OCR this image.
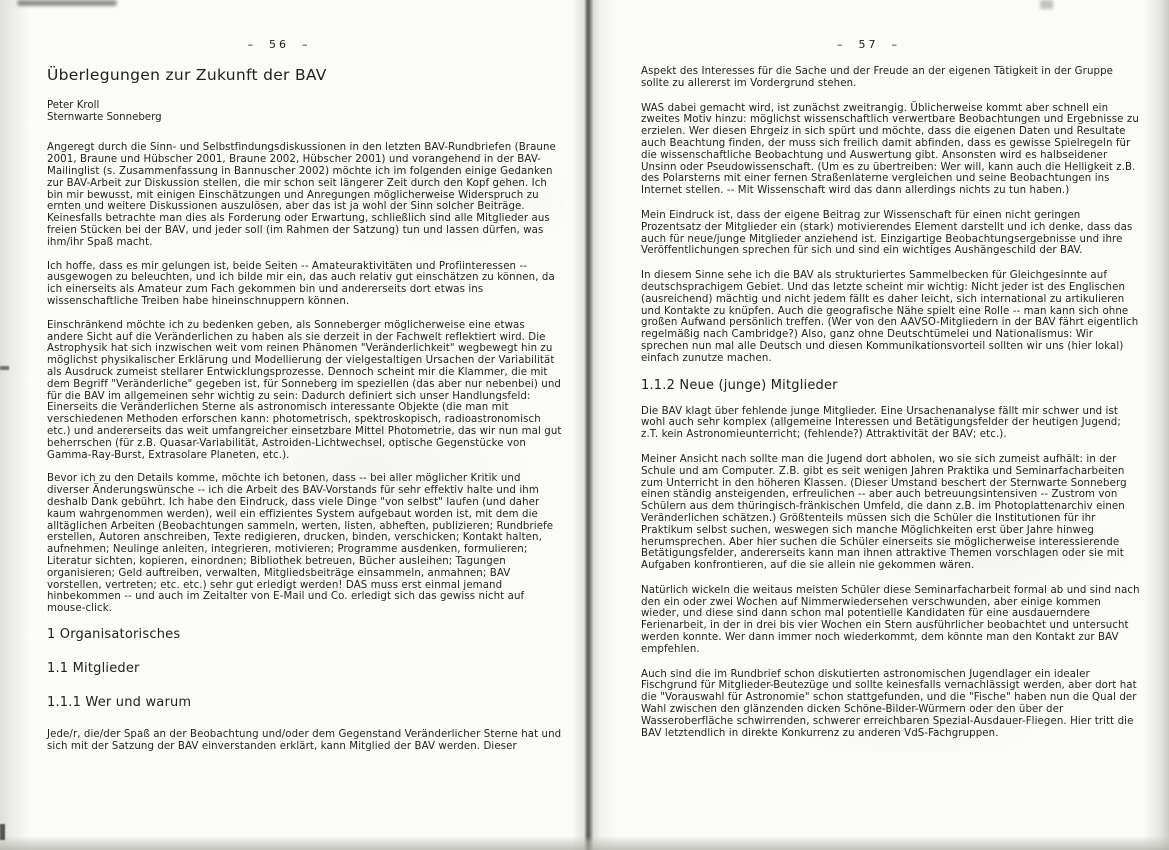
–  56  –
Überlegungen zur Zukunft der BAV
Peter Kroll
Sternwarte Sonneberg

Angeregt durch die Sinn- und Selbstfindungsdiskussionen in den letzten BAV-Rundbriefen (Braune 2001, Braune und Hübscher 2001, Braune 2002, Hübscher 2001) und vorangehend in der BAV-Mailinglist (s. Zusammenfassung in Bannuscher 2002) möchte ich im folgenden einige Gedanken zur BAV-Arbeit zur Diskussion stellen, die mir schon seit längerer Zeit durch den Kopf gehen. Ich bin mir bewusst, mit einigen Einschätzungen und Anregungen möglicherweise Widerspruch zu ernten und weitere Diskussionen auszulösen, aber das ist ja wohl der Sinn solcher Beiträge. Keinesfalls betrachte man dies als Forderung oder Erwartung, schließlich sind alle Mitglieder aus freien Stücken bei der BAV, und jeder soll (im Rahmen der Satzung) tun und lassen dürfen, was ihm/ihr Spaß macht.

Ich hoffe, dass es mir gelungen ist, beide Seiten -- Amateuraktivitäten und Profiinteressen -- ausgewogen zu beleuchten, und ich bilde mir ein, das auch relativ gut einschätzen zu können, da ich einerseits als Amateur zum Fach gekommen bin und andererseits dort etwas ins wissenschaftliche Treiben habe hineinschnuppern können.

Einschränkend möchte ich zu bedenken geben, als Sonneberger möglicherweise eine etwas andere Sicht auf die Veränderlichen zu haben als sie derzeit in der Fachwelt reflektiert wird. Die Astrophysik hat sich inzwischen weit vom reinen Phänomen "Veränderlichkeit" wegbewegt hin zu möglichst physikalischer Erklärung und Modellierung der vielgestaltigen Ursachen der Variabilität als Ausdruck zumeist stellarer Entwicklungsprozesse. Dennoch scheint mir die Klammer, die mit dem Begriff "Veränderliche" gegeben ist, für Sonneberg im speziellen (das aber nur nebenbei) und für die BAV im allgemeinen sehr wichtig zu sein: Dadurch definiert sich unser Handlungsfeld: Einerseits die Veränderlichen Sterne als astronomisch interessante Objekte (die man mit verschiedenen Methoden erforschen kann: photometrisch, spektroskopisch, radioastronomisch etc.) und andererseits das weit umfangreicher einsetzbare Mittel Photometrie, das wir nun mal gut beherrschen (für z.B. Quasar-Variabilität, Astroiden-Lichtwechsel, optische Gegenstücke von Gamma-Ray-Burst, Extrasolare Planeten, etc.).

Bevor ich zu den Details komme, möchte ich betonen, dass -- bei aller möglicher Kritik und diverser Änderungswünsche -- ich die Arbeit des BAV-Vorstands für sehr effektiv halte und ihm deshalb Dank gebührt. Ich habe den Eindruck, dass viele Dinge "von selbst" laufen (und daher kaum wahrgenommen werden), weil ein effizientes System aufgebaut worden ist, mit dem die alltäglichen Arbeiten (Beobachtungen sammeln, werten, listen, abheften, publizieren; Rundbriefe erstellen, Autoren anschreiben, Texte redigieren, drucken, binden, verschicken; Kontakt halten, aufnehmen; Neulinge anleiten, integrieren, motivieren; Programme ausdenken, formulieren; Literatur sichten, kopieren, einordnen; Bibliothek betreuen, Bücher ausleihen; Tagungen organisieren; Geld auftreiben, verwalten, Mitgliedsbeiträge einsammeln, anmahnen; BAV vorstellen, vertreten; etc. etc.) sehr gut erledigt werden! DAS muss erst einmal jemand hinbekommen -- und auch im Zeitalter von E-Mail und Co. erledigt sich das gewiss nicht auf mouse-click.

1 Organisatorisches
1.1 Mitglieder
1.1.1 Wer und warum

Jede/r, die/der Spaß an der Beobachtung und/oder dem Gegenstand Veränderlicher Sterne hat und sich mit der Satzung der BAV einverstanden erklärt, kann Mitglied der BAV werden. Dieser

–  57  –

Aspekt des Interesses für die Sache und der Freude an der eigenen Tätigkeit in der Gruppe sollte zu allererst im Vordergrund stehen.

WAS dabei gemacht wird, ist zunächst zweitrangig. Üblicherweise kommt aber schnell ein zweites Motiv hinzu: möglichst wissenschaftlich verwertbare Beobachtungen und Ergebnisse zu erzielen. Wer diesen Ehrgeiz in sich spürt und möchte, dass die eigenen Daten und Resultate auch Beachtung finden, der muss sich freilich damit abfinden, dass es gewisse Spielregeln für die wissenschaftliche Beobachtung und Auswertung gibt. Ansonsten wird es halbseidener Unsinn oder Pseudowissenschaft. (Um es zu übertreiben: Wer will, kann auch die Helligkeit z.B. des Polarsterns mit einer fernen Straßenlaterne vergleichen und seine Beobachtungen ins Internet stellen. -- Mit Wissenschaft wird das dann allerdings nichts zu tun haben.)

Mein Eindruck ist, dass der eigene Beitrag zur Wissenschaft für einen nicht geringen Prozentsatz der Mitglieder ein (stark) motivierendes Element darstellt und ich denke, dass das auch für neue/junge Mitglieder anziehend ist. Einzigartige Beobachtungsergebnisse und ihre Veröffentlichungen sprechen für sich und sind ein wichtiges Aushängeschild der BAV.

In diesem Sinne sehe ich die BAV als strukturiertes Sammelbecken für Gleichgesinnte auf deutschsprachigem Gebiet. Und das letzte scheint mir wichtig: Nicht jeder ist des Englischen (ausreichend) mächtig und nicht jedem fällt es daher leicht, sich international zu artikulieren und Kontakte zu knüpfen. Auch die geografische Nähe spielt eine Rolle -- man kann sich ohne großen Aufwand persönlich treffen. (Wer von den AAVSO-Mitgliedern in der BAV fährt eigentlich regelmäßig nach Cambridge?) Also, ganz ohne Deutschtümelei und Nationalismus: Wir sprechen nun mal alle Deutsch und diesen Kommunikationsvorteil sollten wir uns (hier lokal) einfach zunutze machen.

1.1.2 Neue (junge) Mitglieder

Die BAV klagt über fehlende junge Mitglieder. Eine Ursachenanalyse fällt mir schwer und ist wohl auch sehr komplex (allgemeine Interessen und Betätigungsfelder der heutigen Jugend; z.T. kein Astronomieunterricht; (fehlende?) Attraktivität der BAV; etc.).

Meiner Ansicht nach sollte man die Jugend dort abholen, wo sie sich zumeist aufhält: in der Schule und am Computer. Z.B. gibt es seit wenigen Jahren Praktika und Seminarfacharbeiten zum Unterricht in den höheren Klassen. (Dieser Umstand beschert der Sternwarte Sonneberg einen ständig ansteigenden, erfreulichen -- aber auch betreuungsintensiven -- Zustrom von Schülern aus dem thüringisch-fränkischen Umfeld, die dann z.B. im Photoplattenarchiv einen Veränderlichen schätzen.) Größtenteils müssen sich die Schüler die Institutionen für ihr Praktikum selbst suchen, weswegen sich manche Möglichkeiten erst über Jahre hinweg herumsprechen. Aber hier suchen die Schüler einerseits sie möglicherweise interessierende Betätigungsfelder, andererseits kann man ihnen attraktive Themen vorschlagen oder sie mit Aufgaben konfrontieren, auf die sie allein nie gekommen wären.

Natürlich wickeln die weitaus meisten Schüler diese Seminarfacharbeit formal ab und sind nach den ein oder zwei Wochen auf Nimmerwiedersehen verschwunden, aber einige kommen wieder, und diese sind dann schon mal potentielle Kandidaten für eine ausdauerndere Ferienarbeit, in der in drei bis vier Wochen ein Stern ausführlicher beobachtet und untersucht werden konnte. Wer dann immer noch wiederkommt, dem könnte man den Kontakt zur BAV empfehlen.

Auch sind die im Rundbrief schon diskutierten astronomischen Jugendlager ein idealer Fischgrund für Mitglieder-Beutezüge und sollte keinesfalls vernachlässigt werden, aber dort hat die "Vorauswahl für Astronomie" schon stattgefunden, und die "Fische" haben nun die Qual der Wahl zwischen den glänzenden dicken Schöne-Bilder-Würmern oder den über der Wasseroberfläche schwirrenden, schwerer erreichbaren Spezial-Ausdauer-Fliegen. Hier tritt die BAV letztendlich in direkte Konkurrenz zu anderen VdS-Fachgruppen.
